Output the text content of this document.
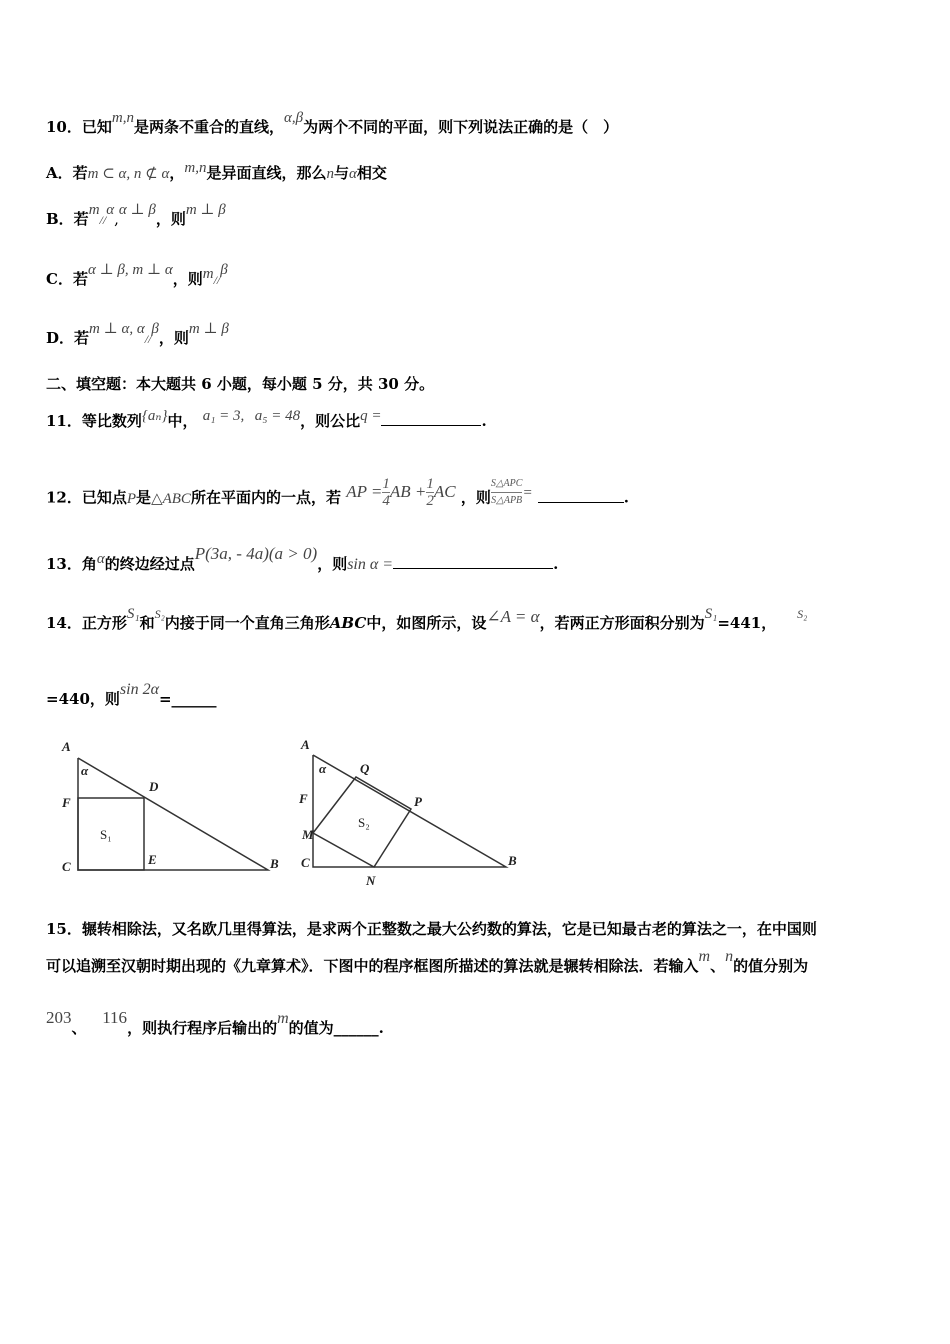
10．已知m,n是两条不重合的直线，α,β为两个不同的平面，则下列说法正确的是（　）
A．若m ⊂ α, n ⊄ α，m,n是异面直线，那么n与α相交
B．若m//α,α ⊥ β，则m ⊥ β
C．若α ⊥ β, m ⊥ α，则m//β
D．若m ⊥ α, α//β，则m ⊥ β
二、填空题：本大题共 6 小题，每小题 5 分，共 30 分。
11．等比数列{aₙ}中， a₁ = 3, a₅ = 48，则公比q =	.
12．已知点P是△ABC所在平面内的一点，若 AP = $\frac{1}{4}$ AB + $\frac{1}{2}$ AC ，则 $\frac{\text{S△APC}}{\text{S△APB}}$ =	.
13．角α的终边经过点P(3a, - 4a)(a > 0)，则sin α =	.
14．正方形S₁和$^{S_2}$内接于同一个直角三角形ABC中，如图所示，设∠A = α，若两正方形面积分别为S₁=441， $^{S_2}$
=440，则sin 2α=______
A
α
D
F
S₁
C	E	B
A
α	Q
P
F
S₂
M
C
N
B
15．辗转相除法，又名欧几里得算法，是求两个正整数之最大公约数的算法，它是已知最古老的算法之一，在中国则
可以追溯至汉朝时期出现的《九章算术》．下图中的程序框图所描述的算法就是辗转相除法．若输入m、n的值分别为
203、   116，则执行程序后输出的m的值为______.
